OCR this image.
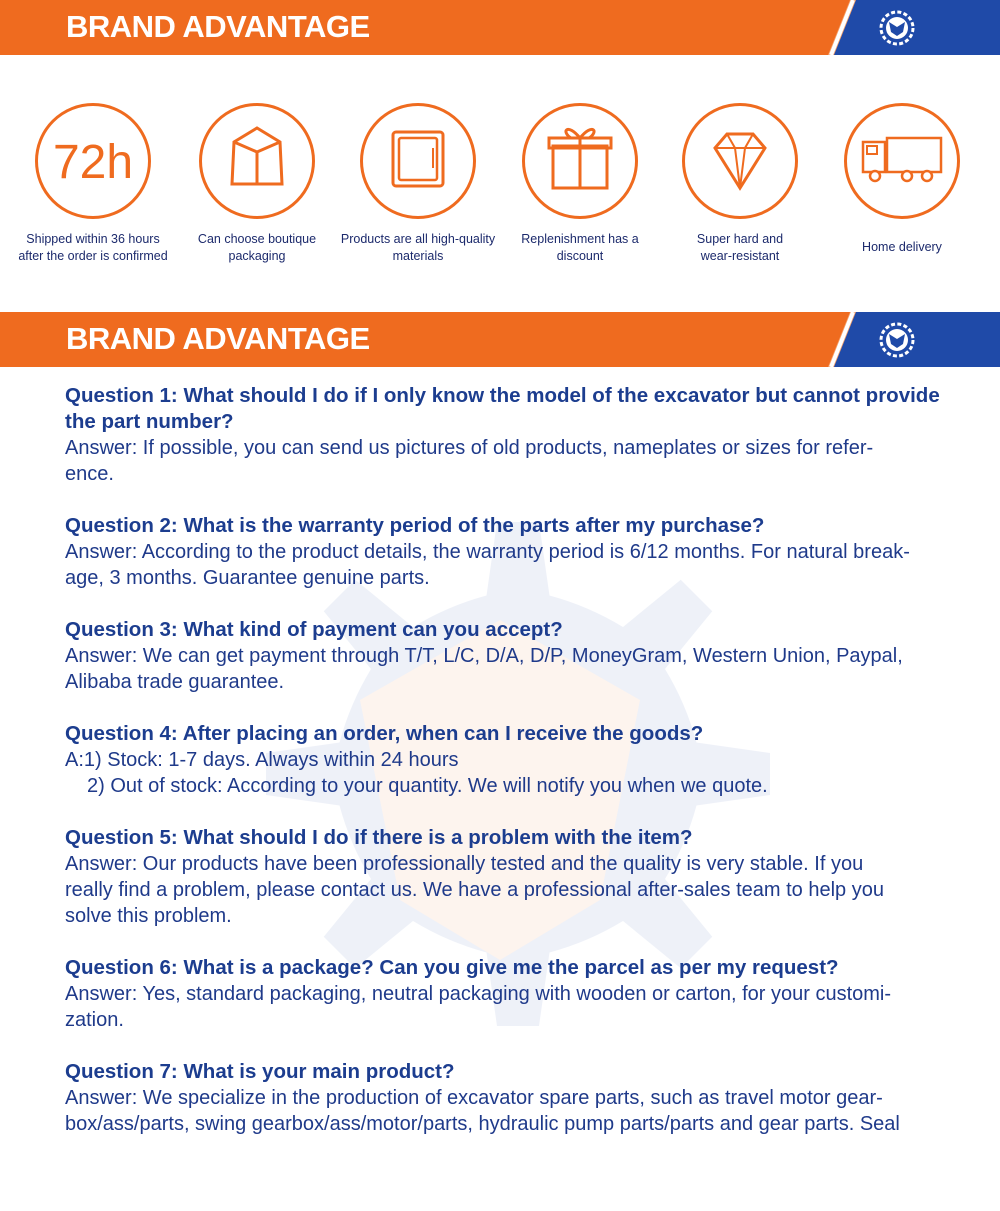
BRAND ADVANTAGE
72h
Shipped within 36 hours
after the order is confirmed
Can choose boutique
packaging
Products are all high-quality
materials
Replenishment has a
discount
Super hard and
wear-resistant
Home delivery
BRAND ADVANTAGE
Question 1: What should I do if I only know the model of the excavator but cannot provide the part number?
Answer: If possible, you can send us pictures of old products, nameplates or sizes for refer-
ence.
Question 2: What is the warranty period of the parts after my purchase?
Answer: According to the product details, the warranty period is 6/12 months. For natural break-
age, 3 months. Guarantee genuine parts.
Question 3: What kind of payment can you accept?
Answer: We can get payment through T/T, L/C, D/A, D/P, MoneyGram, Western Union, Paypal,
Alibaba trade guarantee.
Question 4: After placing an order, when can I receive the goods?
A:1) Stock: 1-7 days. Always within 24 hours
2) Out of stock: According to your quantity. We will notify you when we quote.
Question 5: What should I do if there is a problem with the item?
Answer: Our products have been professionally tested and the quality is very stable. If you
really find a problem, please contact us. We have a professional after-sales team to help you
solve this problem.
Question 6: What is a package? Can you give me the parcel as per my request?
Answer: Yes, standard packaging, neutral packaging with wooden or carton, for your customi-
zation.
Question 7: What is your main product?
Answer: We specialize in the production of excavator spare parts, such as travel motor gear-
box/ass/parts, swing gearbox/ass/motor/parts, hydraulic pump parts/parts and gear parts. Seal
